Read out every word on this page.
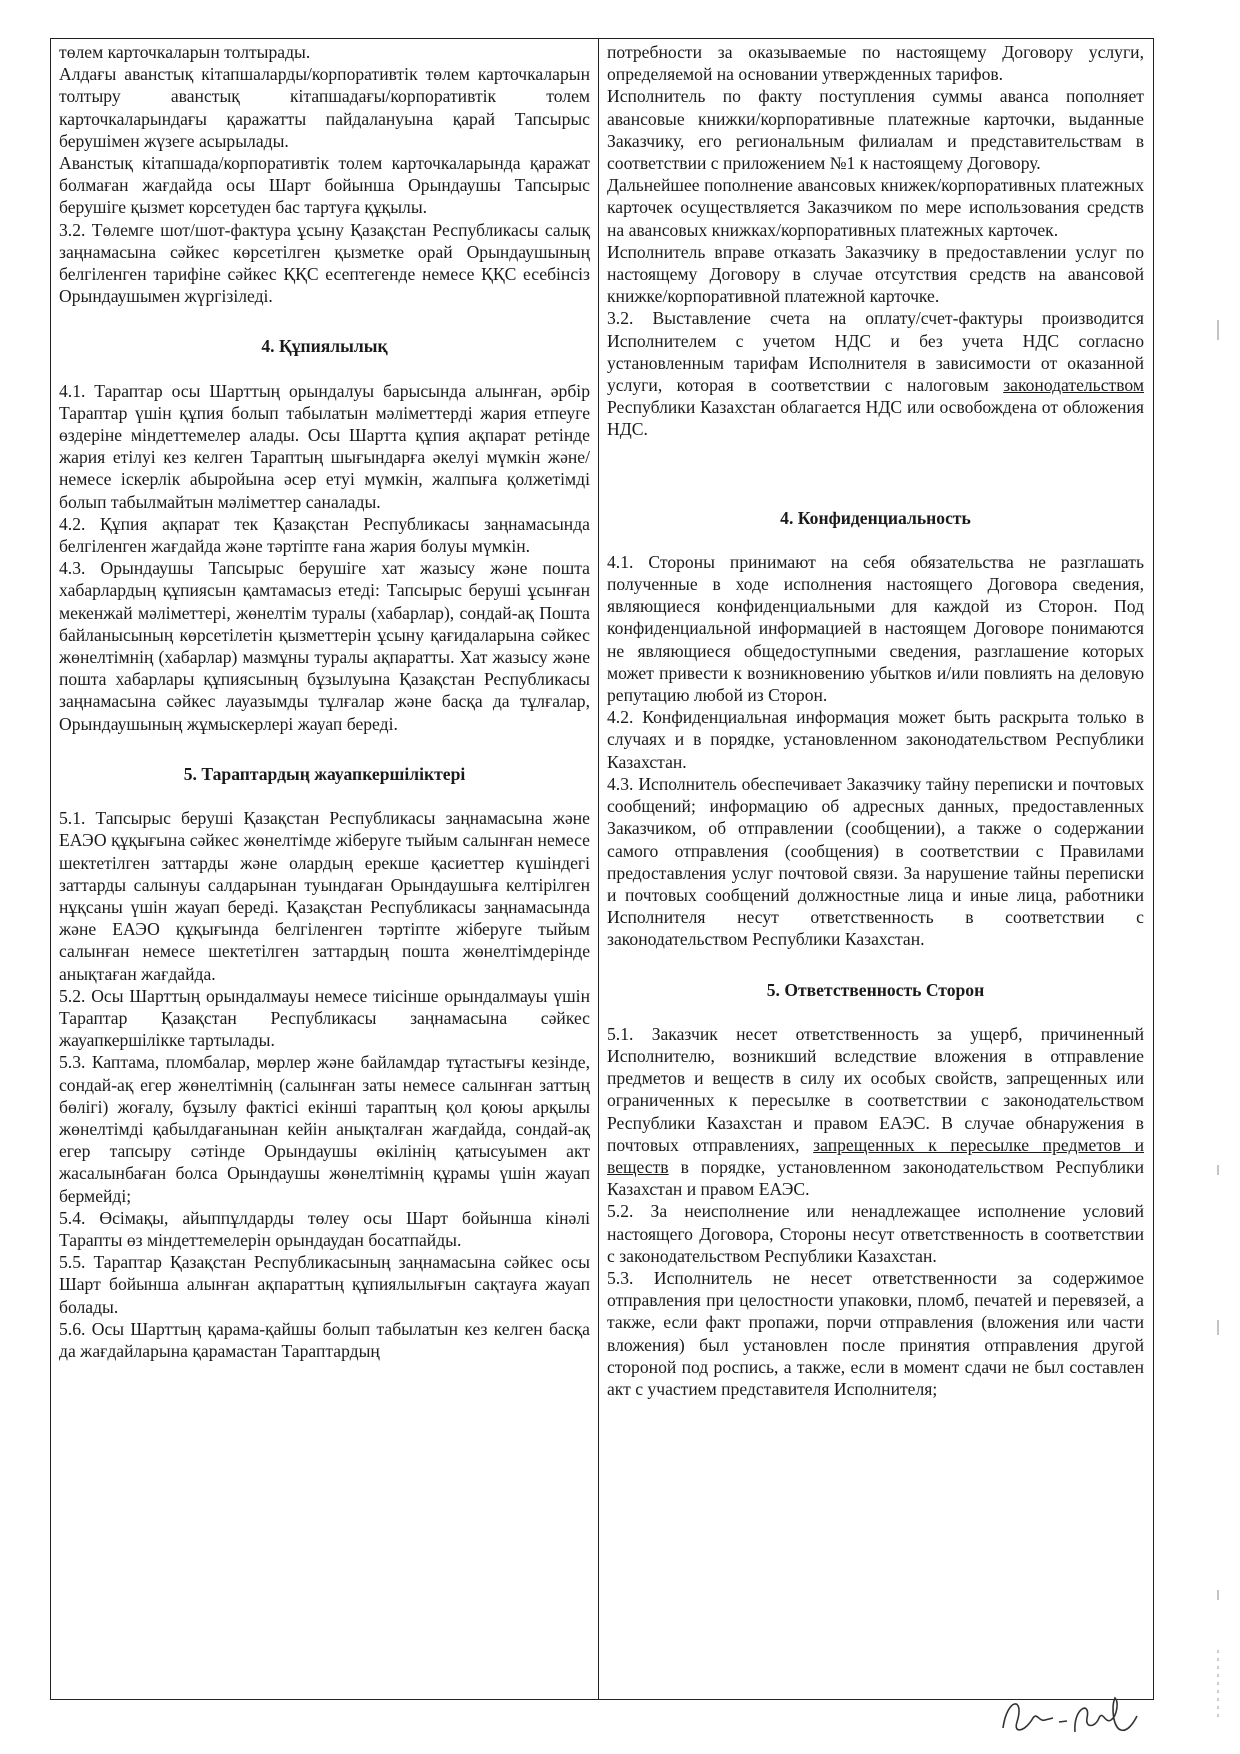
төлем карточкаларын толтырады.

Алдағы аванстық кітапшаларды/корпоративтік төлем карточкаларын толтыру аванстық кітапшадағы/корпоративтік толем карточкаларындағы қаражатты пайдалануына қарай Тапсырыс берушімен жүзеге асырылады.

Аванстық кітапшада/корпоративтік толем карточкаларында қаражат болмаған жағдайда осы Шарт бойынша Орындаушы Тапсырыс берушіге қызмет корсетуден бас тартуға құқылы.

3.2. Төлемге шот/шот-фактура ұсыну Қазақстан Республикасы салық заңнамасына сәйкес көрсетілген қызметке орай Орындаушының белгіленген тарифіне сәйкес ҚҚС есептегенде немесе ҚҚС есебінсіз Орындаушымен жүргізіледі.

4. Құпиялылық

4.1. Тараптар осы Шарттың орындалуы барысында алынған, әрбір Тараптар үшін құпия болып табылатын мәліметтерді жария етпеуге өздеріне міндеттемелер алады. Осы Шартта құпия ақпарат ретінде жария етілуі кез келген Тараптың шығындарға әкелуі мүмкін және/немесе іскерлік абыройына әсер етуі мүмкін, жалпыға қолжетімді болып табылмайтын мәліметтер саналады.

4.2. Құпия ақпарат тек Қазақстан Республикасы заңнамасында белгіленген жағдайда және тәртіпте ғана жария болуы мүмкін.

4.3. Орындаушы Тапсырыс берушіге хат жазысу және пошта хабарлардың құпиясын қамтамасыз етеді: Тапсырыс беруші ұсынған мекенжай мәліметтері, жөнелтім туралы (хабарлар), сондай-ақ Пошта байланысының көрсетілетін қызметтерін ұсыну қағидаларына сәйкес жөнелтімнің (хабарлар) мазмұны туралы ақпаратты. Хат жазысу және пошта хабарлары құпиясының бұзылуына Қазақстан Республикасы заңнамасына сәйкес лауазымды тұлғалар және басқа да тұлғалар, Орындаушының жұмыскерлері жауап береді.

5. Тараптардың жауапкершіліктері

5.1. Тапсырыс беруші Қазақстан Республикасы заңнамасына және ЕАЭО құқығына сәйкес жөнелтімде жіберуге тыйым салынған немесе шектетілген заттарды және олардың ерекше қасиеттер күшіндегі заттарды салынуы салдарынан туындаған Орындаушыға келтірілген нұқсаны үшін жауап береді. Қазақстан Республикасы заңнамасында және ЕАЭО құқығында белгіленген тәртіпте жіберуге тыйым салынған немесе шектетілген заттардың пошта жөнелтімдерінде анықтаған жағдайда.

5.2. Осы Шарттың орындалмауы немесе тиісінше орындалмауы үшін Тараптар Қазақстан Республикасы заңнамасына сәйкес жауапкершілікке тартылады.

5.3. Каптама, пломбалар, мөрлер және байламдар тұтастығы кезінде, сондай-ақ егер жөнелтімнің (салынған заты немесе салынған заттың бөлігі) жоғалу, бұзылу фактісі екінші тараптың қол қоюы арқылы жөнелтімді қабылдағанынан кейін анықталған жағдайда, сондай-ақ егер тапсыру сәтінде Орындаушы өкілінің қатысуымен акт жасалынбаған болса Орындаушы жөнелтімнің құрамы үшін жауап бермейді;

5.4. Өсімақы, айыппұлдарды төлеу осы Шарт бойынша кінәлі Тарапты өз міндеттемелерін орындаудан босатпайды.

5.5. Тараптар Қазақстан Республикасының заңнамасына сәйкес осы Шарт бойынша алынған ақпараттың құпиялылығын сақтауға жауап болады.

5.6. Осы Шарттың қарама-қайшы болып табылатын кез келген басқа да жағдайларына қарамастан Тараптардың

потребности за оказываемые по настоящему Договору услуги, определяемой на основании утвержденных тарифов.

Исполнитель по факту поступления суммы аванса пополняет авансовые книжки/корпоративные платежные карточки, выданные Заказчику, его региональным филиалам и представительствам в соответствии с приложением №1 к настоящему Договору.

Дальнейшее пополнение авансовых книжек/корпоративных платежных карточек осуществляется Заказчиком по мере использования средств на авансовых книжках/корпоративных платежных карточек.

Исполнитель вправе отказать Заказчику в предоставлении услуг по настоящему Договору в случае отсутствия средств на авансовой книжке/корпоративной платежной карточке.

3.2. Выставление счета на оплату/счет-фактуры производится Исполнителем с учетом НДС и без учета НДС согласно установленным тарифам Исполнителя в зависимости от оказанной услуги, которая в соответствии с налоговым законодательством Республики Казахстан облагается НДС или освобождена от обложения НДС.

4. Конфиденциальность

4.1. Стороны принимают на себя обязательства не разглашать полученные в ходе исполнения настоящего Договора сведения, являющиеся конфиденциальными для каждой из Сторон. Под конфиденциальной информацией в настоящем Договоре понимаются не являющиеся общедоступными сведения, разглашение которых может привести к возникновению убытков и/или повлиять на деловую репутацию любой из Сторон.

4.2. Конфиденциальная информация может быть раскрыта только в случаях и в порядке, установленном законодательством Республики Казахстан.

4.3. Исполнитель обеспечивает Заказчику тайну переписки и почтовых сообщений; информацию об адресных данных, предоставленных Заказчиком, об отправлении (сообщении), а также о содержании самого отправления (сообщения) в соответствии с Правилами предоставления услуг почтовой связи. За нарушение тайны переписки и почтовых сообщений должностные лица и иные лица, работники Исполнителя несут ответственность в соответствии с законодательством Республики Казахстан.

5. Ответственность Сторон

5.1. Заказчик несет ответственность за ущерб, причиненный Исполнителю, возникший вследствие вложения в отправление предметов и веществ в силу их особых свойств, запрещенных или ограниченных к пересылке в соответствии с законодательством Республики Казахстан и правом ЕАЭС. В случае обнаружения в почтовых отправлениях, запрещенных к пересылке предметов и веществ в порядке, установленном законодательством Республики Казахстан и правом ЕАЭС.

5.2. За неисполнение или ненадлежащее исполнение условий настоящего Договора, Стороны несут ответственность в соответствии с законодательством Республики Казахстан.

5.3. Исполнитель не несет ответственности за содержимое отправления при целостности упаковки, пломб, печатей и перевязей, а также, если факт пропажи, порчи отправления (вложения или части вложения) был установлен после принятия отправления другой стороной под роспись, а также, если в момент сдачи не был составлен акт с участием представителя Исполнителя;
